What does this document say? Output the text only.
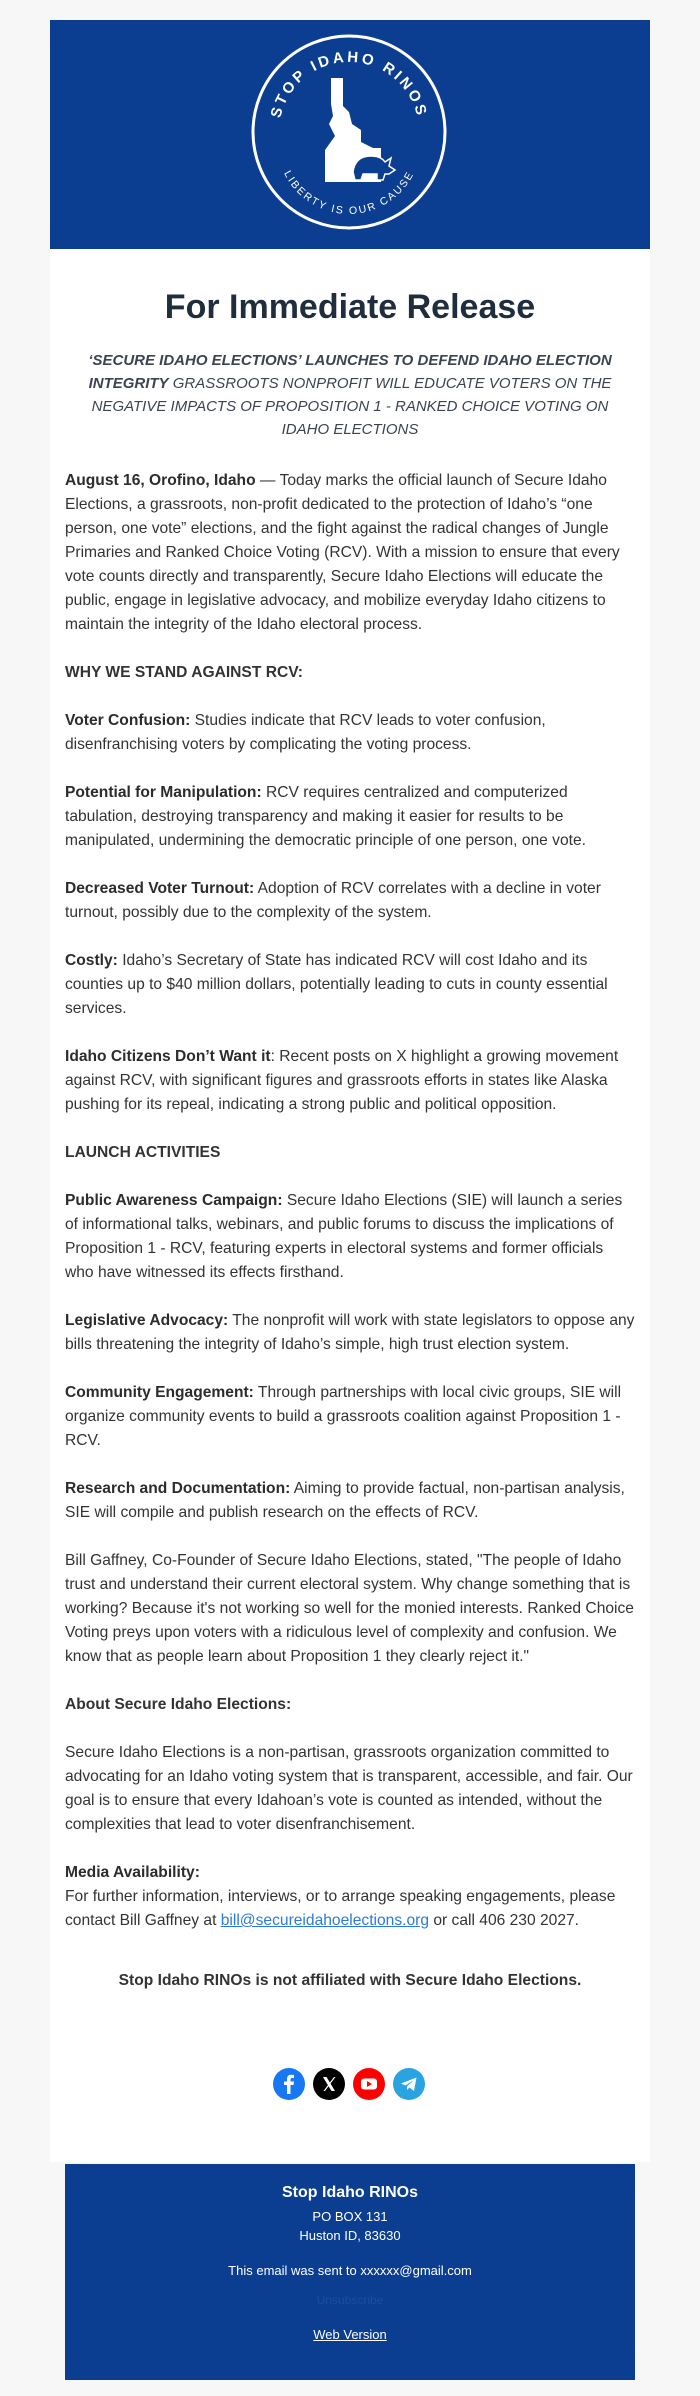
STOP IDAHO RINOS
LIBERTY IS OUR CAUSE
For Immediate Release

‘SECURE IDAHO ELECTIONS’ LAUNCHES TO DEFEND IDAHO ELECTION INTEGRITY GRASSROOTS NONPROFIT WILL EDUCATE VOTERS ON THE NEGATIVE IMPACTS OF PROPOSITION 1 - RANKED CHOICE VOTING ON IDAHO ELECTIONS

August 16, Orofino, Idaho — Today marks the official launch of Secure Idaho Elections, a grassroots, non-profit dedicated to the protection of Idaho’s “one person, one vote” elections, and the fight against the radical changes of Jungle Primaries and Ranked Choice Voting (RCV). With a mission to ensure that every vote counts directly and transparently, Secure Idaho Elections will educate the public, engage in legislative advocacy, and mobilize everyday Idaho citizens to maintain the integrity of the Idaho electoral process.

WHY WE STAND AGAINST RCV:

Voter Confusion: Studies indicate that RCV leads to voter confusion, disenfranchising voters by complicating the voting process.

Potential for Manipulation: RCV requires centralized and computerized tabulation, destroying transparency and making it easier for results to be manipulated, undermining the democratic principle of one person, one vote.

Decreased Voter Turnout: Adoption of RCV correlates with a decline in voter turnout, possibly due to the complexity of the system.

Costly: Idaho’s Secretary of State has indicated RCV will cost Idaho and its counties up to $40 million dollars, potentially leading to cuts in county essential services.

Idaho Citizens Don’t Want it: Recent posts on X highlight a growing movement against RCV, with significant figures and grassroots efforts in states like Alaska pushing for its repeal, indicating a strong public and political opposition.

LAUNCH ACTIVITIES

Public Awareness Campaign: Secure Idaho Elections (SIE) will launch a series of informational talks, webinars, and public forums to discuss the implications of Proposition 1 - RCV, featuring experts in electoral systems and former officials who have witnessed its effects firsthand.

Legislative Advocacy: The nonprofit will work with state legislators to oppose any bills threatening the integrity of Idaho’s simple, high trust election system.

Community Engagement: Through partnerships with local civic groups, SIE will organize community events to build a grassroots coalition against Proposition 1 - RCV.

Research and Documentation: Aiming to provide factual, non-partisan analysis, SIE will compile and publish research on the effects of RCV.

Bill Gaffney, Co-Founder of Secure Idaho Elections, stated, "The people of Idaho trust and understand their current electoral system. Why change something that is working? Because it's not working so well for the monied interests. Ranked Choice Voting preys upon voters with a ridiculous level of complexity and confusion. We know that as people learn about Proposition 1 they clearly reject it."

About Secure Idaho Elections:

Secure Idaho Elections is a non-partisan, grassroots organization committed to advocating for an Idaho voting system that is transparent, accessible, and fair. Our goal is to ensure that every Idahoan’s vote is counted as intended, without the complexities that lead to voter disenfranchisement.

Media Availability:
For further information, interviews, or to arrange speaking engagements, please contact Bill Gaffney at bill@secureidahoelections.org or call 406 230 2027.

Stop Idaho RINOs is not affiliated with Secure Idaho Elections.

Stop Idaho RINOs

PO BOX 131

Huston ID, 83630

This email was sent to xxxxxx@gmail.com

Unsubscribe

Web Version
